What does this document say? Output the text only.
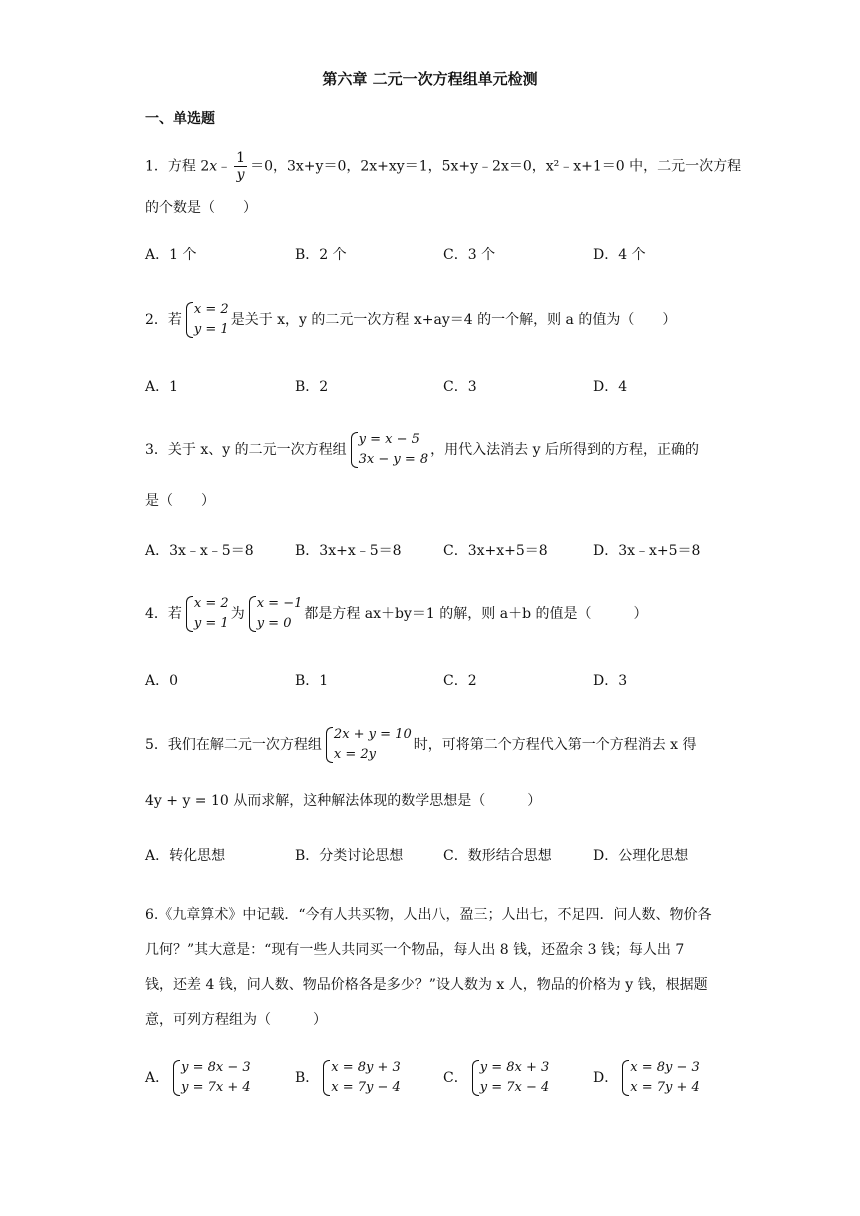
第六章 二元一次方程组单元检测
一、单选题
1．方程 2x﹣ $\frac{1}{y} =0$，3x+y＝0，2x+xy＝1，5x+y﹣2x＝0，x²﹣x+1＝0 中，二元一次方程
的个数是（　　）
A．1 个	B．2 个	C．3 个	D．4 个
2．若
x = 2
y = 1
是关于 x，y 的二元一次方程 x+ay＝4 的一个解，则 a 的值为（　　）
A．1	B．2	C．3	D．4
3．关于 x、y 的二元一次方程组
y = x − 5
3x − y = 8
，用代入法消去 y 后所得到的方程，正确的
是（　　）
A．3x﹣x﹣5＝8	B．3x+x﹣5＝8	C．3x+x+5＝8	D．3x﹣x+5＝8
4．若
x = 2
y = 1
为
x = −1
y = 0
都是方程 ax＋by＝1 的解，则 a＋b 的值是（　　　）
A．0	B．1	C．2	D．3
5．我们在解二元一次方程组
2x + y = 10
x = 2y
时，可将第二个方程代入第一个方程消去 x 得
4y + y = 10 从而求解，这种解法体现的数学思想是（　　　）
A．转化思想	B．分类讨论思想	C．数形结合思想	D．公理化思想
6.《九章算术》中记载．“今有人共买物，人出八，盈三；人出七，不足四．问人数、物价各几何？”其大意是：“现有一些人共同买一个物品，每人出 8 钱，还盈余 3 钱；每人出 7 钱，还差 4 钱，问人数、物品价格各是多少？”设人数为 x 人，物品的价格为 y 钱，根据题意，可列方程组为（　　　）
A．
y = 8x − 3
y = 7x + 4
B．
x = 8y + 3
x = 7y − 4
C．
y = 8x + 3
y = 7x − 4
D．
x = 8y − 3
x = 7y + 4
